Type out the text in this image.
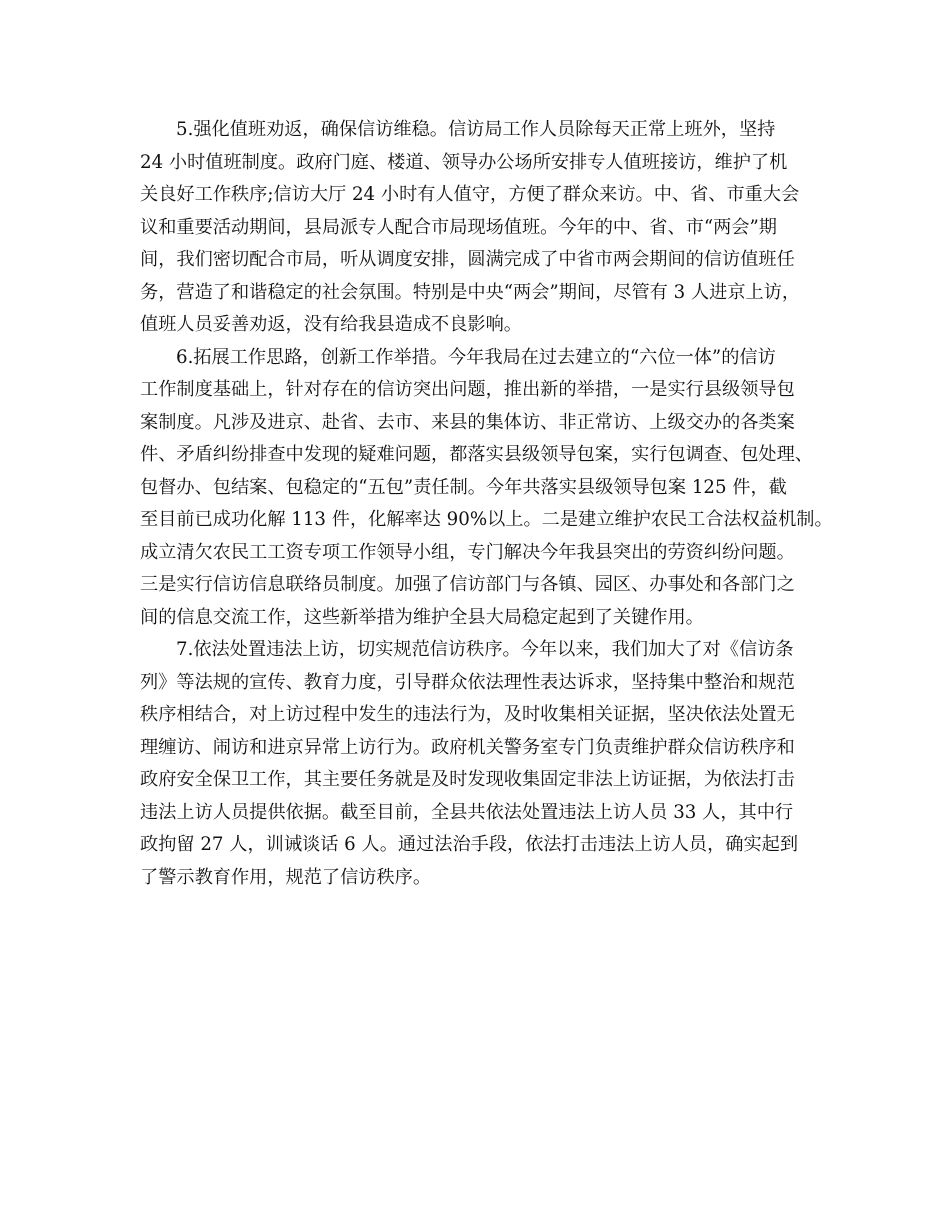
5.强化值班劝返，确保信访维稳。信访局工作人员除每天正常上班外，坚持
24 小时值班制度。政府门庭、楼道、领导办公场所安排专人值班接访，维护了机
关良好工作秩序;信访大厅 24 小时有人值守，方便了群众来访。中、省、市重大会
议和重要活动期间，县局派专人配合市局现场值班。今年的中、省、市“两会”期
间，我们密切配合市局，听从调度安排，圆满完成了中省市两会期间的信访值班任
务，营造了和谐稳定的社会氛围。特别是中央“两会”期间，尽管有 3 人进京上访，
值班人员妥善劝返，没有给我县造成不良影响。
6.拓展工作思路，创新工作举措。今年我局在过去建立的“六位一体”的信访
工作制度基础上，针对存在的信访突出问题，推出新的举措，一是实行县级领导包
案制度。凡涉及进京、赴省、去市、来县的集体访、非正常访、上级交办的各类案
件、矛盾纠纷排查中发现的疑难问题，都落实县级领导包案，实行包调查、包处理、
包督办、包结案、包稳定的“五包”责任制。今年共落实县级领导包案 125 件，截
至目前已成功化解 113 件，化解率达 90%以上。二是建立维护农民工合法权益机制。
成立清欠农民工工资专项工作领导小组，专门解决今年我县突出的劳资纠纷问题。
三是实行信访信息联络员制度。加强了信访部门与各镇、园区、办事处和各部门之
间的信息交流工作，这些新举措为维护全县大局稳定起到了关键作用。
7.依法处置违法上访，切实规范信访秩序。今年以来，我们加大了对《信访条
列》等法规的宣传、教育力度，引导群众依法理性表达诉求，坚持集中整治和规范
秩序相结合，对上访过程中发生的违法行为，及时收集相关证据，坚决依法处置无
理缠访、闹访和进京异常上访行为。政府机关警务室专门负责维护群众信访秩序和
政府安全保卫工作，其主要任务就是及时发现收集固定非法上访证据，为依法打击
违法上访人员提供依据。截至目前，全县共依法处置违法上访人员 33 人，其中行
政拘留 27 人，训诫谈话 6 人。通过法治手段，依法打击违法上访人员，确实起到
了警示教育作用，规范了信访秩序。
